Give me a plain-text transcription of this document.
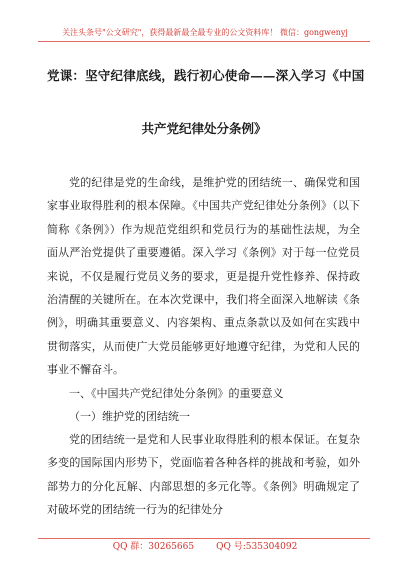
关注头条号"公文研究"，获得最新最全最专业的公文资料库！ 微信：gongwenyj
党课：坚守纪律底线，践行初心使命——深入学习《中国
共产党纪律处分条例》

党的纪律是党的生命线，是维护党的团结统一、确保党和国家事业取得胜利的根本保障。《中国共产党纪律处分条例》（以下简称《条例》）作为规范党组织和党员行为的基础性法规，为全面从严治党提供了重要遵循。深入学习《条例》对于每一位党员来说，不仅是履行党员义务的要求，更是提升党性修养、保持政治清醒的关键所在。在本次党课中，我们将全面深入地解读《条例》，明确其重要意义、内容架构、重点条款以及如何在实践中贯彻落实，从而使广大党员能够更好地遵守纪律，为党和人民的事业不懈奋斗。

一、《中国共产党纪律处分条例》的重要意义
（一）维护党的团结统一

党的团结统一是党和人民事业取得胜利的根本保证。在复杂多变的国际国内形势下，党面临着各种各样的挑战和考验，如外部势力的分化瓦解、内部思想的多元化等。《条例》明确规定了对破坏党的团结统一行为的纪律处分

QQ 群：30265665 QQ 号:535304092
